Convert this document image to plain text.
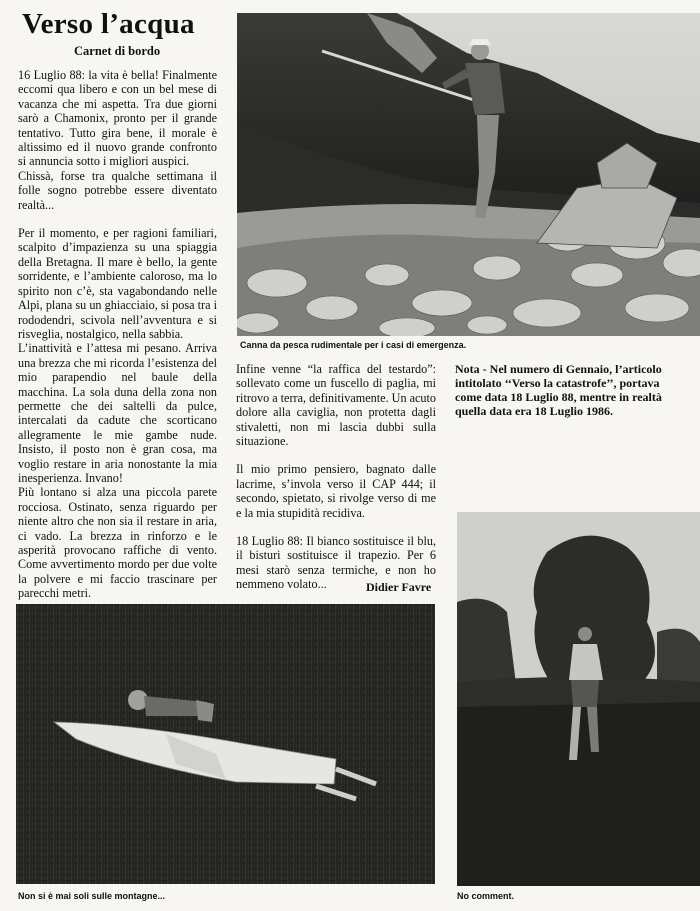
Verso l’acqua
Carnet di bordo

16 Luglio 88: la vita è bella! Finalmente eccomi qua libero e con un bel mese di vacanza che mi aspetta. Tra due giorni sarò a Chamonix, pronto per il grande tentativo. Tutto gira bene, il morale è altissimo ed il nuovo grande confronto si annuncia sotto i migliori auspici.

Chissà, forse tra qualche settimana il folle sogno potrebbe essere diventato realtà...

Per il momento, e per ragioni familiari, scalpito d’impazienza su una spiaggia della Bretagna. Il mare è bello, la gente sorridente, e l’ambiente caloroso, ma lo spirito non c’è, sta vagabondando nelle Alpi, plana su un ghiacciaio, si posa tra i rododendri, scivola nell’avventura e si risveglia, nostalgico, nella sabbia.

L’inattività e l’attesa mi pesano. Arriva una brezza che mi ricorda l’esistenza del mio parapendio nel baule della macchina. La sola duna della zona non permette che dei saltelli da pulce, intercalati da cadute che scorticano allegramente le mie gambe nude. Insisto, il posto non è gran cosa, ma voglio restare in aria nonostante la mia inesperienza. Invano!

Più lontano si alza una piccola parete rocciosa. Ostinato, senza riguardo per niente altro che non sia il restare in aria, ci vado. La brezza in rinforzo e le asperità provocano raffiche di vento. Come avvertimento mordo per due volte la polvere e mi faccio trascinare per parecchi metri.

Canna da pesca rudimentale per i casi di emergenza.

Infine venne “la raffica del testardo”: sollevato come un fuscello di paglia, mi ritrovo a terra, definitivamente. Un acuto dolore alla caviglia, non protetta dagli stivaletti, non mi lascia dubbi sulla situazione.

Il mio primo pensiero, bagnato dalle lacrime, s’invola verso il CAP 444; il secondo, spietato, si rivolge verso di me e la mia stupidità recidiva.

18 Luglio 88: Il bianco sostituisce il blu, il bisturi sostituisce il trapezio. Per 6 mesi starò senza termiche, e non ho nemmeno volato...	Didier Favre
Nota - Nel numero di Gennaio, l’articolo intitolato ‘‘Verso la catastrofe’’, portava come data 18 Luglio 88, mentre in realtà quella data era 18 Luglio 1986.
Non si è mai soli sulle montagne...	No comment.
